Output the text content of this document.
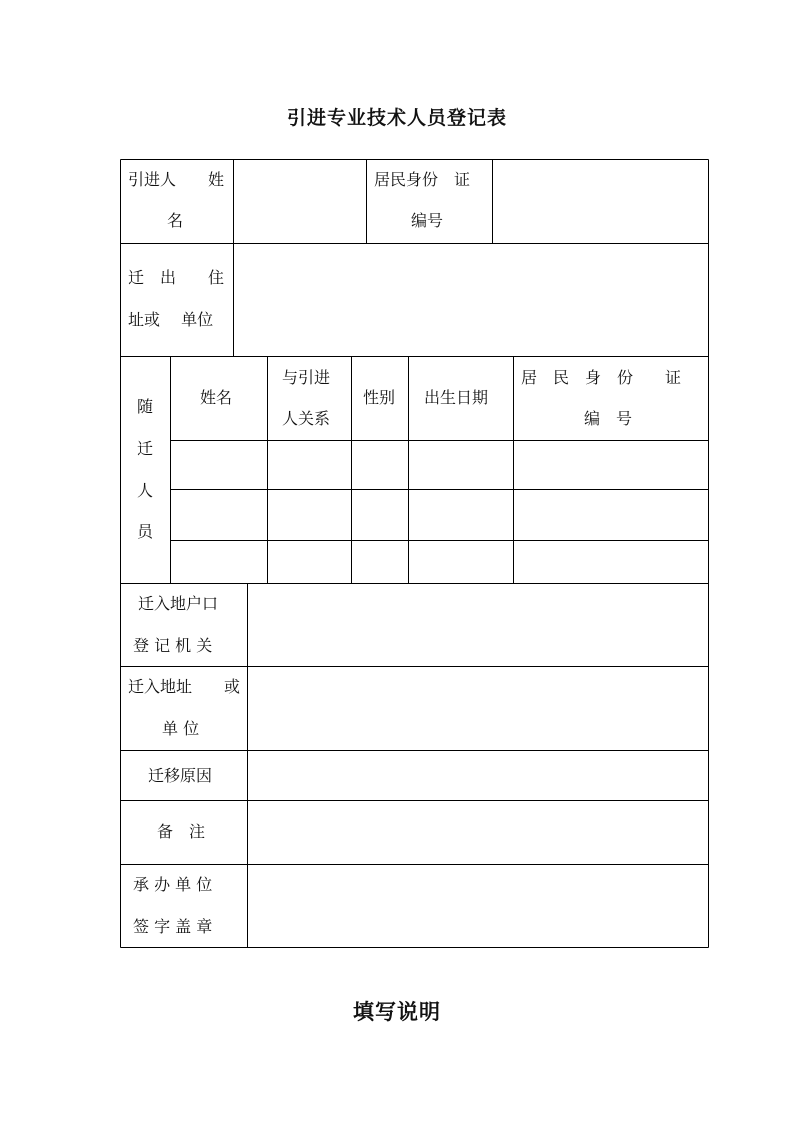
引进专业技术人员登记表
引进人　　姓
名
居民身份　证
编号
迁　出　　住
址或　 单位
随
迁
人
员
姓名
与引进
人关系
性别 出生日期
居　民　身　份　　证
编　号
迁入地户口
登 记 机 关
迁入地址　　或
单 位
迁移原因
备　注
承 办 单 位
签 字 盖 章
填写说明
